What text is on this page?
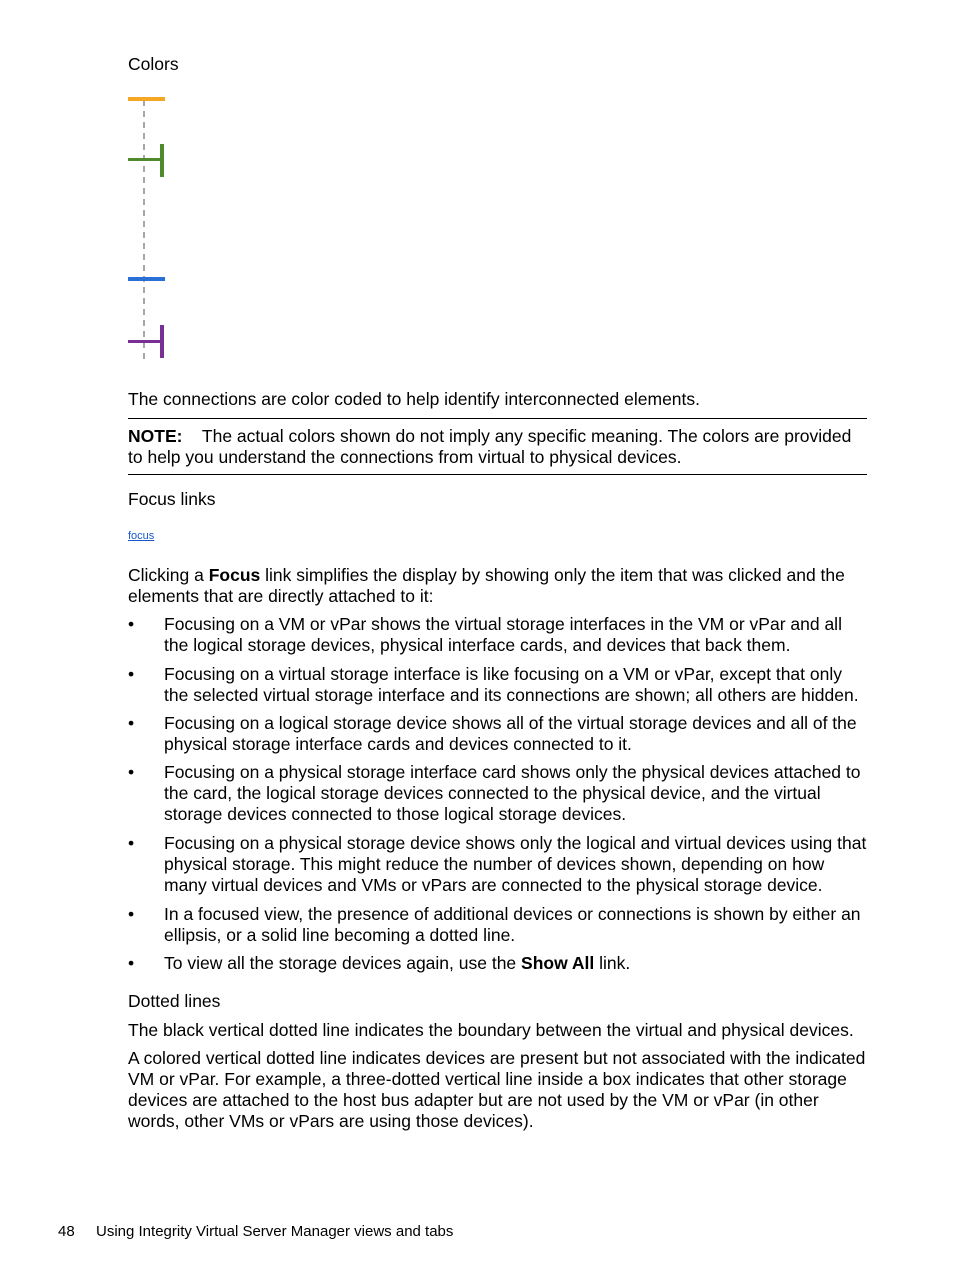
Colors
The connections are color coded to help identify interconnected elements.
NOTE: The actual colors shown do not imply any specific meaning. The colors are provided to help you understand the connections from virtual to physical devices.
Focus links
focus
Clicking a Focus link simplifies the display by showing only the item that was clicked and the elements that are directly attached to it:
• Focusing on a VM or vPar shows the virtual storage interfaces in the VM or vPar and all the logical storage devices, physical interface cards, and devices that back them.
• Focusing on a virtual storage interface is like focusing on a VM or vPar, except that only the selected virtual storage interface and its connections are shown; all others are hidden.
• Focusing on a logical storage device shows all of the virtual storage devices and all of the physical storage interface cards and devices connected to it.
• Focusing on a physical storage interface card shows only the physical devices attached to the card, the logical storage devices connected to the physical device, and the virtual storage devices connected to those logical storage devices.
• Focusing on a physical storage device shows only the logical and virtual devices using that physical storage. This might reduce the number of devices shown, depending on how many virtual devices and VMs or vPars are connected to the physical storage device.
• In a focused view, the presence of additional devices or connections is shown by either an ellipsis, or a solid line becoming a dotted line.
• To view all the storage devices again, use the Show All link.
Dotted lines
The black vertical dotted line indicates the boundary between the virtual and physical devices.
A colored vertical dotted line indicates devices are present but not associated with the indicated VM or vPar. For example, a three-dotted vertical line inside a box indicates that other storage devices are attached to the host bus adapter but are not used by the VM or vPar (in other words, other VMs or vPars are using those devices).
48 Using Integrity Virtual Server Manager views and tabs
